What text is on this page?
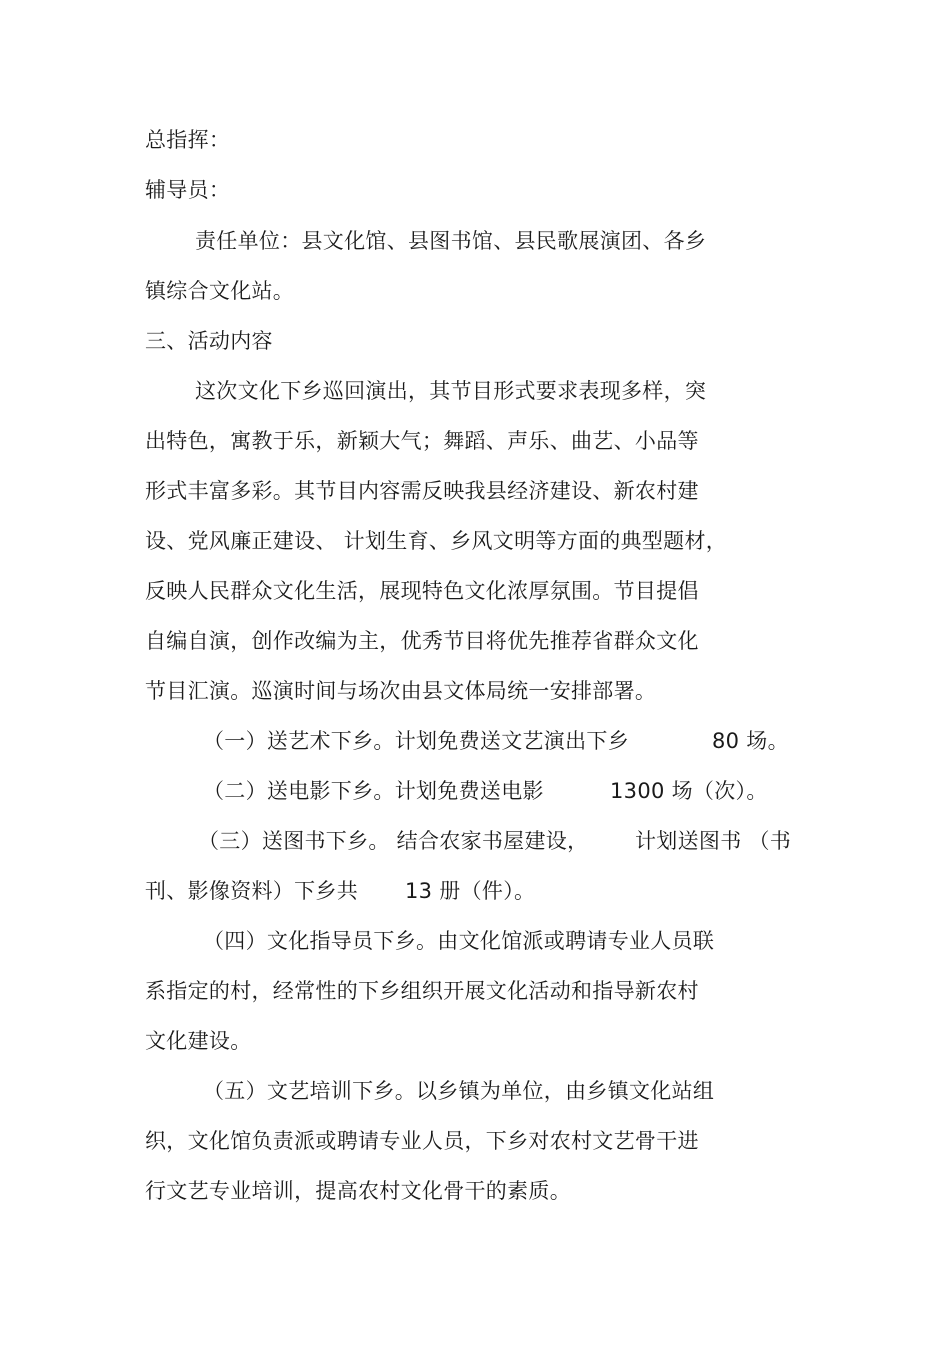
总指挥：
辅导员：
责任单位：县文化馆、县图书馆、县民歌展演团、各乡
镇综合文化站。
三、活动内容
这次文化下乡巡回演出，其节目形式要求表现多样，突
出特色，寓教于乐，新颖大气；舞蹈、声乐、曲艺、小品等
形式丰富多彩。其节目内容需反映我县经济建设、新农村建
设、党风廉正建设、 计划生育、乡风文明等方面的典型题材，
反映人民群众文化生活，展现特色文化浓厚氛围。节目提倡
自编自演，创作改编为主，优秀节目将优先推荐省群众文化
节目汇演。巡演时间与场次由县文体局统一安排部署。
（一）送艺术下乡。计划免费送文艺演出下乡	80 场。
（二）送电影下乡。计划免费送电影	1300 场（次）。
（三）送图书下乡。 结合农家书屋建设， 计划送图书 （书
刊、影像资料）下乡共 13 册（件）。
（四）文化指导员下乡。由文化馆派或聘请专业人员联
系指定的村，经常性的下乡组织开展文化活动和指导新农村
文化建设。
（五）文艺培训下乡。以乡镇为单位，由乡镇文化站组
织，文化馆负责派或聘请专业人员，下乡对农村文艺骨干进
行文艺专业培训，提高农村文化骨干的素质。
